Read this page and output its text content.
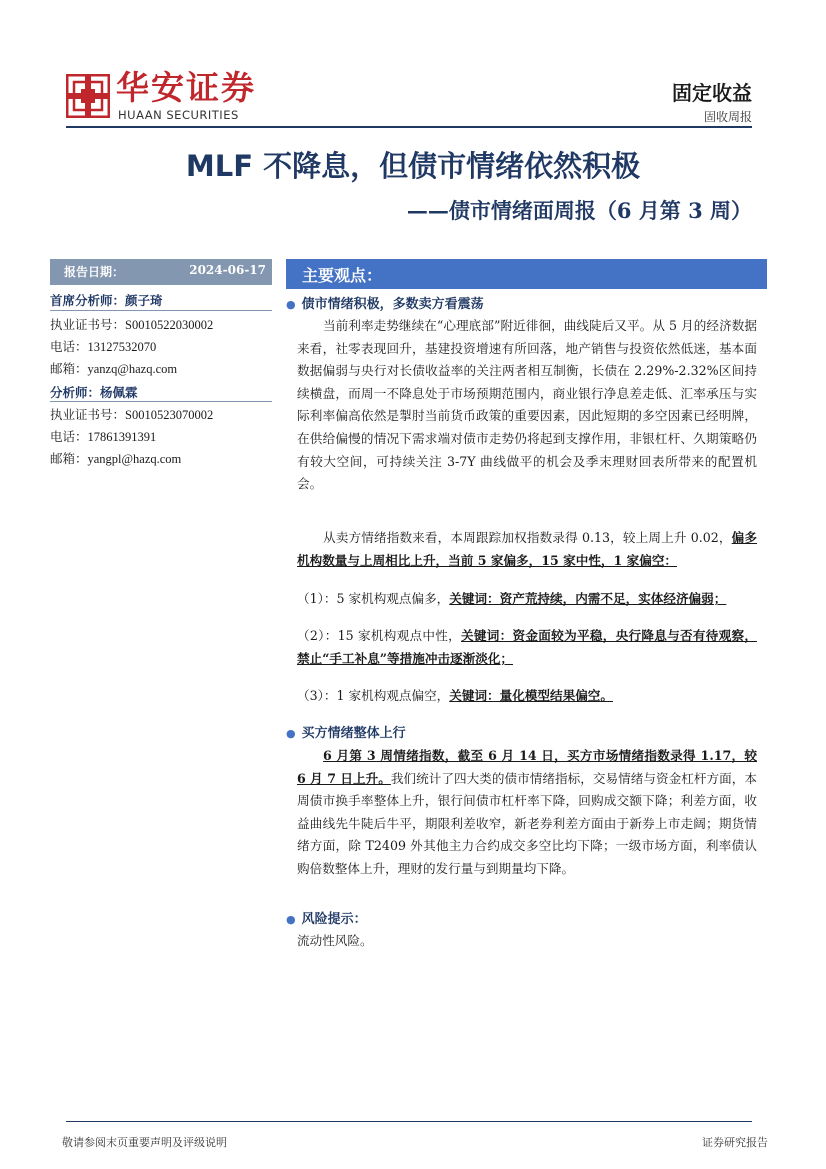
华安证券
HUAAN SECURITIES
固定收益
固收周报
MLF 不降息，但债市情绪依然积极
——债市情绪面周报（6 月第 3 周）
报告日期：	2024-06-17
首席分析师：颜子琦
执业证书号：S0010522030002
电话：13127532070
邮箱：yanzq@hazq.com
分析师：杨佩霖
执业证书号：S0010523070002
电话：17861391391
邮箱：yangpl@hazq.com
主要观点：
● 债市情绪积极，多数卖方看震荡
当前利率走势继续在“心理底部”附近徘徊，曲线陡后又平。从 5 月的经济数据来看，社零表现回升，基建投资增速有所回落，地产销售与投资依然低迷，基本面数据偏弱与央行对长债收益率的关注两者相互制衡，长债在 2.29%-2.32%区间持续横盘，而周一不降息处于市场预期范围内，商业银行净息差走低、汇率承压与实际利率偏高依然是掣肘当前货币政策的重要因素，因此短期的多空因素已经明牌，在供给偏慢的情况下需求端对债市走势仍将起到支撑作用，非银杠杆、久期策略仍有较大空间，可持续关注 3-7Y 曲线做平的机会及季末理财回表所带来的配置机会。
从卖方情绪指数来看，本周跟踪加权指数录得 0.13，较上周上升 0.02，偏多机构数量与上周相比上升，当前 5 家偏多，15 家中性，1 家偏空：
（1）：5 家机构观点偏多，关键词：资产荒持续，内需不足，实体经济偏弱；
（2）：15 家机构观点中性，关键词：资金面较为平稳，央行降息与否有待观察，禁止“手工补息”等措施冲击逐渐淡化；
（3）：1 家机构观点偏空，关键词：量化模型结果偏空。
● 买方情绪整体上行
6 月第 3 周情绪指数，截至 6 月 14 日，买方市场情绪指数录得 1.17，较 6 月 7 日上升。我们统计了四大类的债市情绪指标，交易情绪与资金杠杆方面，本周债市换手率整体上升，银行间债市杠杆率下降，回购成交额下降；利差方面，收益曲线先牛陡后牛平，期限利差收窄，新老券利差方面由于新券上市走阔；期货情绪方面，除 T2409 外其他主力合约成交多空比均下降；一级市场方面，利率债认购倍数整体上升，理财的发行量与到期量均下降。
● 风险提示：
流动性风险。
敬请参阅末页重要声明及评级说明	证券研究报告
